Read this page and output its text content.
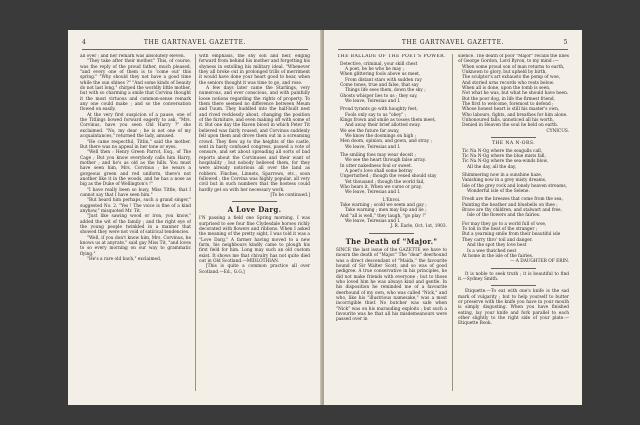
4	THE GARTNAVEL GAZETTE.

all over ; and her remark was absolutely eleven.

"They take after their mother." This, of course, was the reply of the proud father, much pleased, "and every one of them is to 'come out' this spring." "Why should they not have a good time while the sun shines ?" "And some kinds of beauty do not last long," chirped the worldly little mother, but with so charming a smile that Corvina thought it the most virtuous and common-sense remark any one could make ; and so the conversation flowed on easily.

At the very first suspicion of a pause, one of the Titlings bowed forward eagerly to ask, "Mrs. Corvinus, have you seen Old Harry ?" she exclaimed. "No, my dear ; he is not one of my acquaintances," returned the lady, amused.

"He came respectful, Titlin," said the mother. But there was no appeal in her tone or eyes.

"Well then : Henry Green Parrot, Esq., of The Cage ; But you know everybody calls him Harry, mother ; and he's as old as the hills. You must have seen him, Mrs. Corvinus ; he wears a gorgeous green and red uniform, there's not another like it in the woods, and he has a nose as big as the Duke of Wellington's !"

"I have really been so busy, Miss Tittle, that I cannot say that I have seen him."

"But heard him perhaps, such a grand singer," suggested No. 2. "Yes ! The voice is fine of a kind anyhow," misquoted Mr. Tit.

"Just like sawing wood or iron, you know," added the wit of the family ; and the right eye of the young people twinkled in a manner that showed they were not void of satirical tendencies.

"Well, if you don't know him, Mrs. Corvinus, he knows us at anyrate," said gay Miss Tit, "and loves to so every morning on our way to grammatic flying."

"He's a rare old bach," exclaimed,

with emphasis, the shy son and heir, edging forward from behind his mother and forgetting his shyness in extolling his military ideal. "Whenever they all broke out in prolonged trills of merriment it would have done your heart good to hear, when the seniors thought it was time to go, and rose.

A few days later came the Starlings, very numerous, and ever conscious, and with painfully loose notions regarding the rights of property. To them there seemed no difference between Meum and Tuum. They huddled into the half-built nest and rived recklessly about, changing the position of the furniture, and even making off with some of it. But one day the Raven blood in which Peter Tit believed was fairly roused, and Corvinus suddenly fell upon them and drove them out in a screaming crowd. They flew up to the heights of the castle, sent in hasty confused congress, passed a vote of censure, and set about spreading all sorts of bad reports about the Corvinuses and their want of hospitality ; but nobody believed them, for they were already notorious all over the land as robbers. Finches, Linnets, Sparrows, etc., soon followed ; the Corvina was highly popular, all very civil but in such numbers that the hostess could hardly get on with her necessary work.

[To be continued.]

A Love Darg.

I'N passing a field one Spring morning, I was surprised to see four fine Clydesdale horses richly decorated with flowers and ribbons. When I asked the meaning of the pretty sight, I was told it was a "Love Darg." A farmer having moved to a new farm, his neighbours kindly came to plough his first field for him. Long may such an old custom exist. It shows me that chivalry has not quite died out in Old Scotland.—MIDLOTHIAN.

[This is quite a common practice all over Scotland.—Ed., G.G.]

THE GARTNAVEL GAZETTE.	5
THE BALLADE OF THE POET'S POWER.

Detective, criminal, your skill chest

A poet, be he who he may ;

When glittering fools above us meet,

From distant stars with sudden ray

Come tones, true and false, that say

Things life sees them, down the sky ;

Ghosts whisper lies to us ; they say,

We leave, Teiresias and I.

Proud tyrants go with haughty feet,

Fools only say to us "obey" ;

Kings frown and smile as tosses them meet,

And away their brief allotted sway.

We see the future far away,

We know the doomings on high ;

Men doom, opinion, and gown, and stray ;

We leave, Teiresias and I.

The smiling foes may wear deceit ;

We see the heart through false array.

In utter nakedness foul or sweet.

A poet's love shall some betray

Unperturbed ; though the vexed should stay

Yet thousand ; though the world fail,

Who hears it. When we curse or pray,

We leave, Teiresias and I.

L'Envoi.

Take warning ; scold we seem and gay ;

Take warning ; men may lisp and lie ;

And "all is well," they laugh, "go play !"

We leave, Teiresias and I.

J. R. Earle, Oct. 1st, 1903.

The Death of "Major."

SINCE the last issue of the GAZETTE we have to mourn the death of "Major." The "dear" deerhound was a direct descendant of "Maida," the favourite hound of Sir Walter Scott, and so was of good pedigree. A true conservative in his principles, he did not make friends with everyone ; but to those who loved him he was always kind and gentle. In his disposition he reminded me of a favourite deerhound of my own, who was called "Nick," and who, like his "illustrious namesake," was a most incorrigible thief. No butcher was safe when "Nick" was on his marauding exploits ; but such a favourite was he that all his misdemeanours were passed over in

silence. The death of poor "Major" recalls the lines of George Gordon, Lord Byron, to my mind :—

When some proud son of man returns to earth,

Unknown to glory, but upheld by birth,

The sculptor's art exhausts the pomp of woe,

And storied urns records who rests below.

When all is done, upon the tomb is seen,

Not what he was, but what he should have been.

But the poor dog, in life the firmest friend,

The first to welcome, foremost to defend ;

Whose honest heart is still his master's own,

Who labours, fights, and breathes for him alone.

Unhonoured falls, unnoticed all his worth,

Denied in Heaven the soul he held on earth.

CYNICUS.

THE NA N-ORS.

Tic Na N-Og where the seagulls call,

Tic Na N-Og where the blue mists fall,

Tic Na N-Og where the sea-winds blow,

All the day, all the day,

Shimmering now in a sunshine haze,

Vanishing now in a grey misty dreams,

Isle of the grey rock and lonely heaven streams,

Wonderful isle of the Selene.

Fresh are the breezes that come from the sea,

Painting the heather and bluebells on thee ;

Brave are thy children, and stalwart and free,

Isle of the flowers and the fairies.

For may they go to a world full of woe,

To toil in the heat of the stranger ;

But a yearning smile from their beautiful isle

They carry thro' toil and danger.

And the spot they love best

Is a wee thatched nest

At home in the isle of the fairies.

— A DAUGHTER OF ERIN.

It is noble to seek truth ; it is beautiful to find it.—Sydney Smith.

Etiquette.—To eat with one's knife is the sad mark of vulgarity ; but to help yourself to butter or preserve with the knife you have in your mouth is simply disgusting. When you have finished eating, lay your knife and fork parallel to each other slightly to the right side of your plate.—Etiquette Book.
